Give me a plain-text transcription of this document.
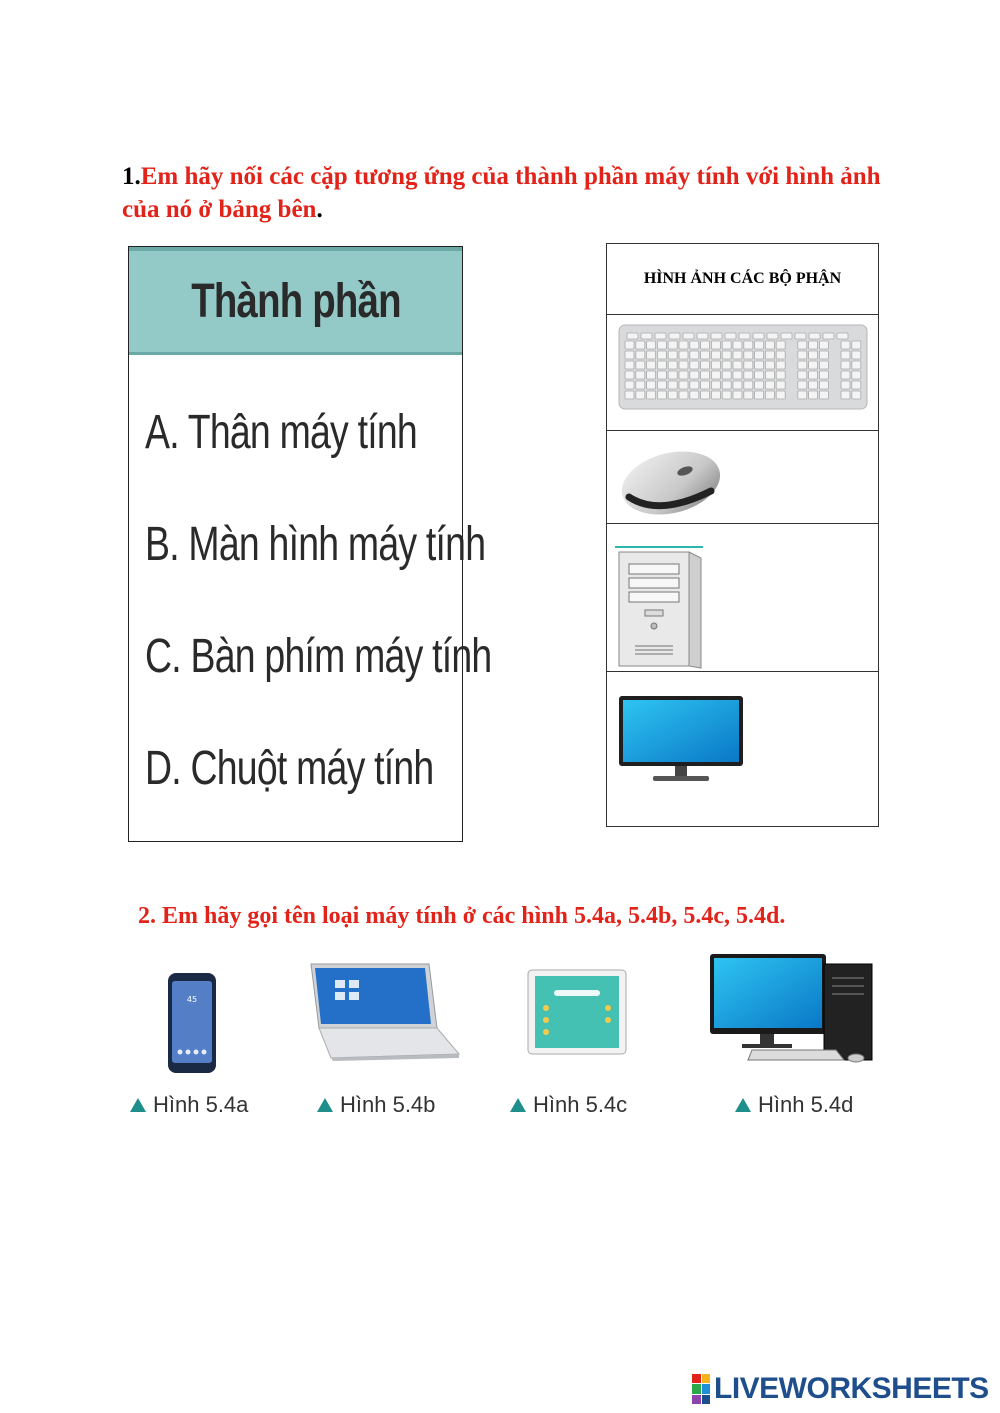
1.Em hãy nối các cặp tương ứng của thành phần máy tính với hình ảnh của nó ở bảng bên.
Thành phần
A. Thân máy tính
B. Màn hình máy tính
C. Bàn phím máy tính
D. Chuột máy tính
HÌNH ẢNH CÁC BỘ PHẬN
2. Em hãy gọi tên loại máy tính ở các hình 5.4a, 5.4b, 5.4c, 5.4d.
45
Hình 5.4a	Hình 5.4b	Hình 5.4c	Hình 5.4d
LIVEWORKSHEETS
